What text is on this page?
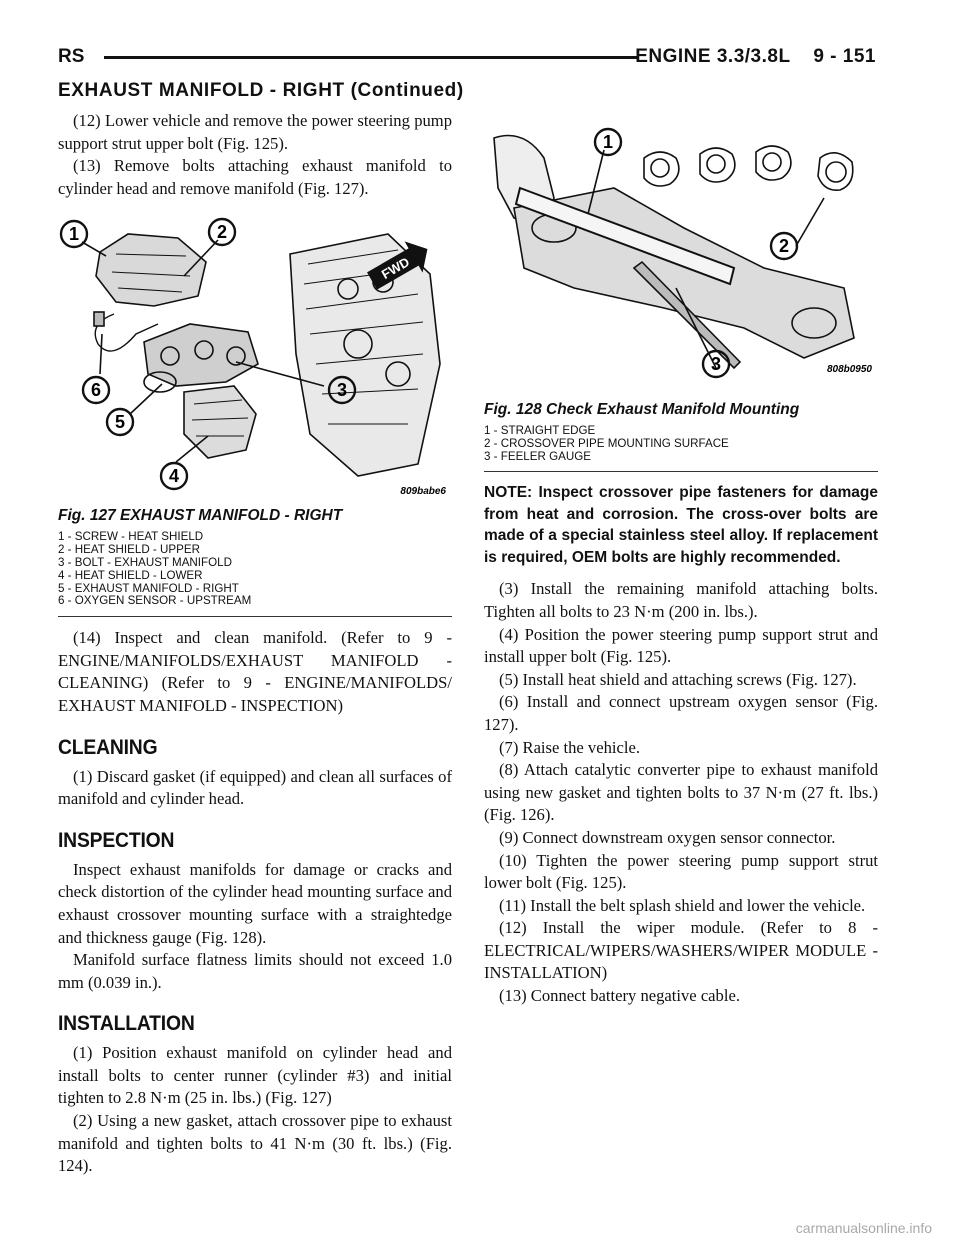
RS	ENGINE 3.3/3.8L    9 - 151
EXHAUST MANIFOLD - RIGHT (Continued)

(12) Lower vehicle and remove the power steering pump support strut upper bolt (Fig. 125).

(13) Remove bolts attaching exhaust manifold to cylinder head and remove manifold (Fig. 127).

FWD
1	2
3
4
5
6
809babe6
Fig. 127 EXHAUST MANIFOLD - RIGHT
1 - SCREW - HEAT SHIELD
2 - HEAT SHIELD - UPPER
3 - BOLT - EXHAUST MANIFOLD
4 - HEAT SHIELD - LOWER
5 - EXHAUST MANIFOLD - RIGHT
6 - OXYGEN SENSOR - UPSTREAM

(14) Inspect and clean manifold. (Refer to 9 - ENGINE/MANIFOLDS/EXHAUST MANIFOLD - CLEANING) (Refer to 9 - ENGINE/MANIFOLDS/ EXHAUST MANIFOLD - INSPECTION)

CLEANING

(1) Discard gasket (if equipped) and clean all surfaces of manifold and cylinder head.

INSPECTION

Inspect exhaust manifolds for damage or cracks and check distortion of the cylinder head mounting surface and exhaust crossover mounting surface with a straightedge and thickness gauge (Fig. 128).

Manifold surface flatness limits should not exceed 1.0 mm (0.039 in.).

INSTALLATION

(1) Position exhaust manifold on cylinder head and install bolts to center runner (cylinder #3) and initial tighten to 2.8 N·m (25 in. lbs.) (Fig. 127)

(2) Using a new gasket, attach crossover pipe to exhaust manifold and tighten bolts to 41 N·m (30 ft. lbs.) (Fig. 124).

1
2
3	808b0950
Fig. 128 Check Exhaust Manifold Mounting
1 - STRAIGHT EDGE
2 - CROSSOVER PIPE MOUNTING SURFACE
3 - FEELER GAUGE

NOTE: Inspect crossover pipe fasteners for damage from heat and corrosion. The cross-over bolts are made of a special stainless steel alloy. If replacement is required, OEM bolts are highly recommended.

(3) Install the remaining manifold attaching bolts. Tighten all bolts to 23 N·m (200 in. lbs.).

(4) Position the power steering pump support strut and install upper bolt (Fig. 125).

(5) Install heat shield and attaching screws (Fig. 127).

(6) Install and connect upstream oxygen sensor (Fig. 127).

(7) Raise the vehicle.

(8) Attach catalytic converter pipe to exhaust manifold using new gasket and tighten bolts to 37 N·m (27 ft. lbs.) (Fig. 126).

(9) Connect downstream oxygen sensor connector.

(10) Tighten the power steering pump support strut lower bolt (Fig. 125).

(11) Install the belt splash shield and lower the vehicle.

(12) Install the wiper module. (Refer to 8 - ELECTRICAL/WIPERS/WASHERS/WIPER MODULE - INSTALLATION)

(13) Connect battery negative cable.

carmanualsonline.info
